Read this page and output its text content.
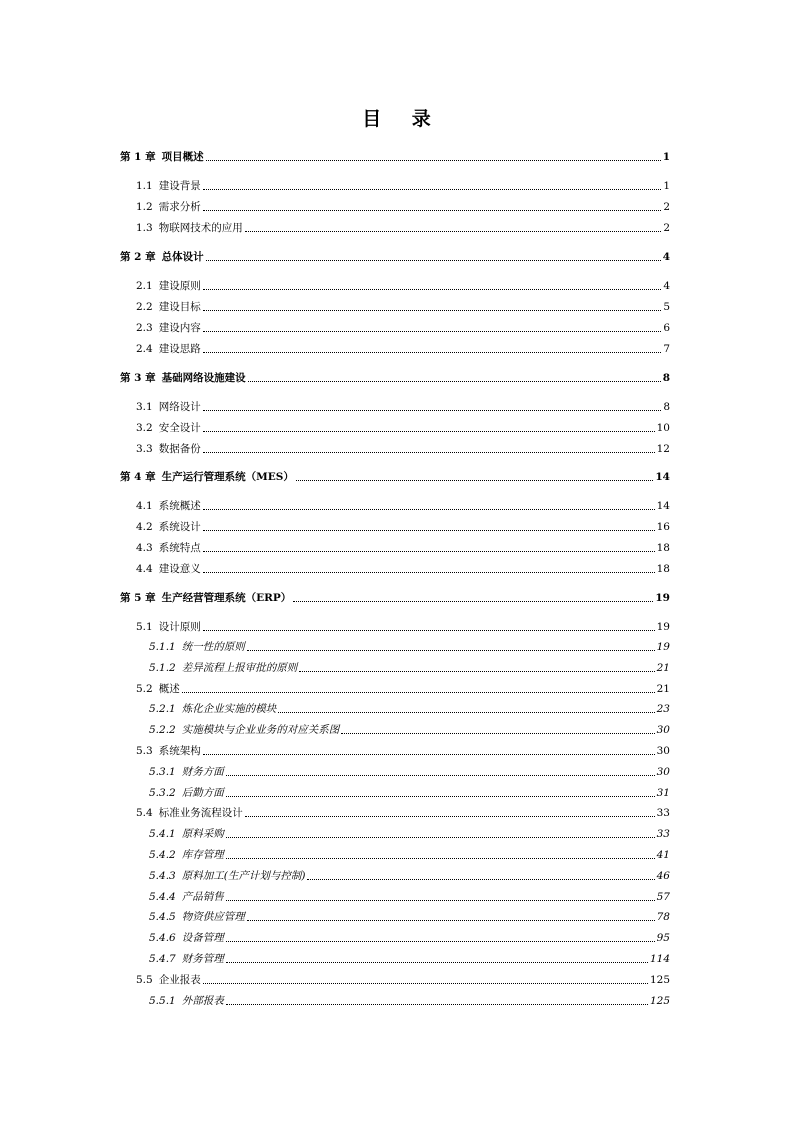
目 录
第 1 章 项目概述	1
1.1 建设背景	1
1.2 需求分析	2
1.3 物联网技术的应用	2
第 2 章 总体设计	4
2.1 建设原则	4
2.2 建设目标	5
2.3 建设内容	6
2.4 建设思路	7
第 3 章 基础网络设施建设	8
3.1 网络设计	8
3.2 安全设计	10
3.3 数据备份	12
第 4 章 生产运行管理系统（MES）	14
4.1 系统概述	14
4.2 系统设计	16
4.3 系统特点	18
4.4 建设意义	18
第 5 章 生产经营管理系统（ERP）	19
5.1 设计原则	19
5.1.1 统一性的原则	19
5.1.2 差异流程上报审批的原则	21
5.2 概述	21
5.2.1 炼化企业实施的模块	23
5.2.2 实施模块与企业业务的对应关系图	30
5.3 系统架构	30
5.3.1 财务方面	30
5.3.2 后勤方面	31
5.4 标准业务流程设计	33
5.4.1 原料采购	33
5.4.2 库存管理	41
5.4.3 原料加工(生产计划与控制)	46
5.4.4 产品销售	57
5.4.5 物资供应管理	78
5.4.6 设备管理	95
5.4.7 财务管理	114
5.5 企业报表	125
5.5.1 外部报表	125
